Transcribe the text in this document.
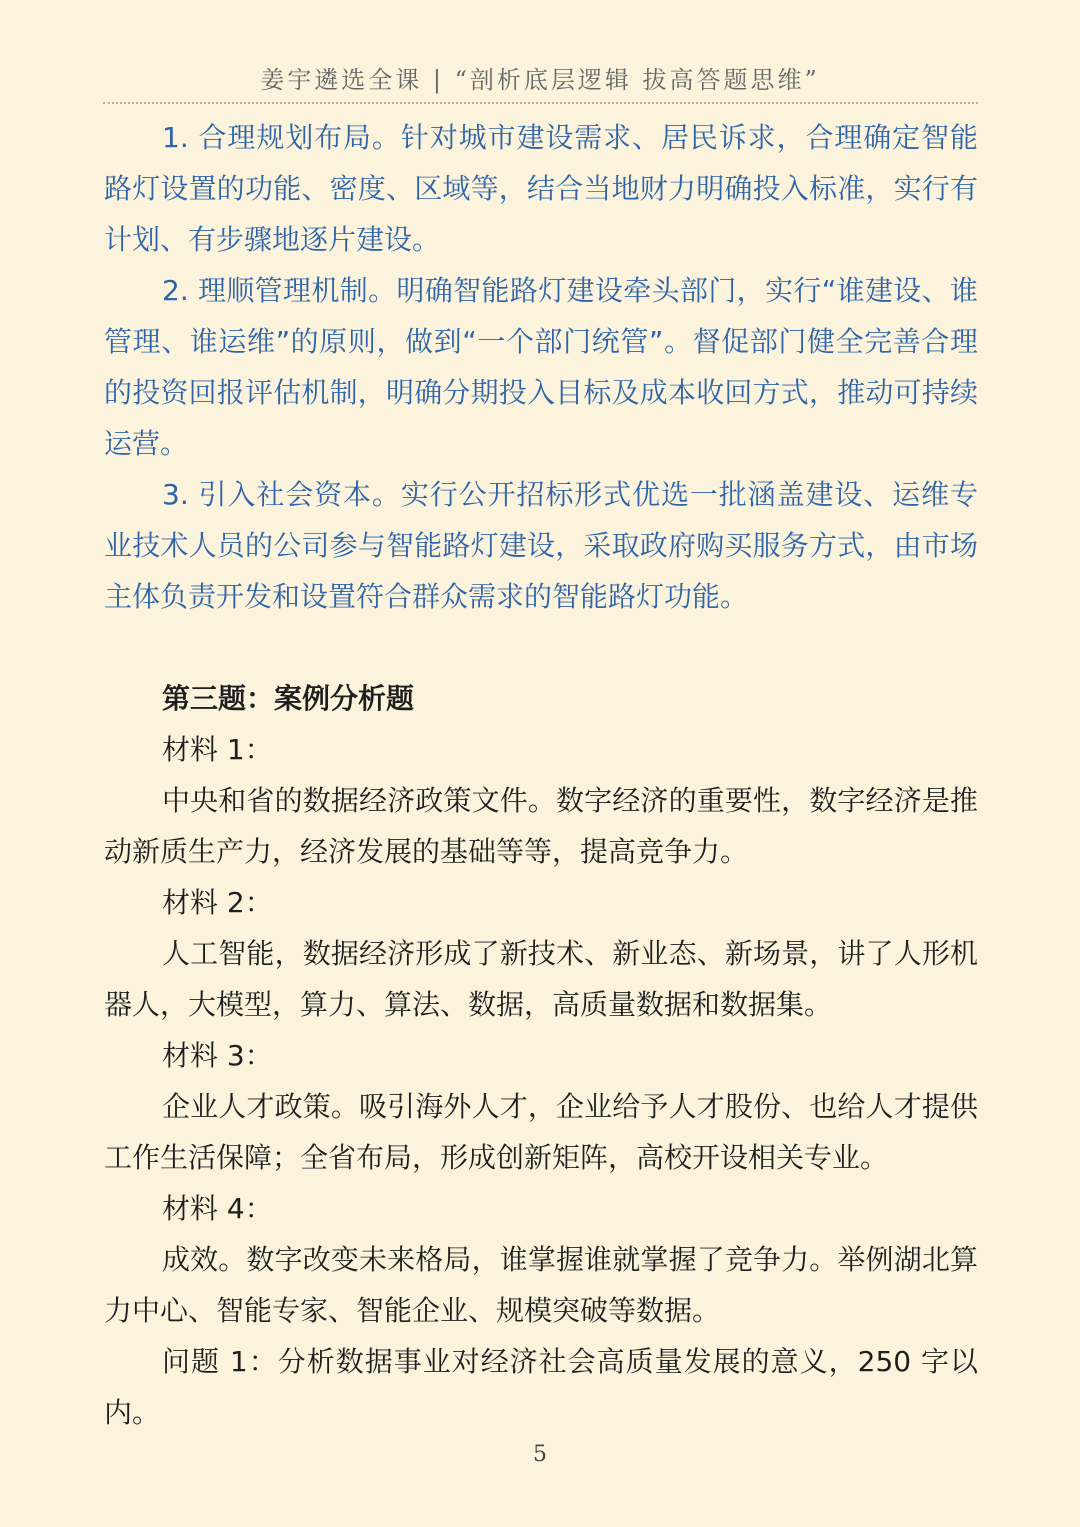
姜宇遴选全课 | “剖析底层逻辑 拔高答题思维”

1. 合理规划布局。针对城市建设需求、居民诉求，合理确定智能路灯设置的功能、密度、区域等，结合当地财力明确投入标准，实行有计划、有步骤地逐片建设。

2. 理顺管理机制。明确智能路灯建设牵头部门，实行“谁建设、谁管理、谁运维”的原则，做到“一个部门统管”。督促部门健全完善合理的投资回报评估机制，明确分期投入目标及成本收回方式，推动可持续运营。

3. 引入社会资本。实行公开招标形式优选一批涵盖建设、运维专业技术人员的公司参与智能路灯建设，采取政府购买服务方式，由市场主体负责开发和设置符合群众需求的智能路灯功能。

第三题：案例分析题

材料 1：

中央和省的数据经济政策文件。数字经济的重要性，数字经济是推动新质生产力，经济发展的基础等等，提高竞争力。

材料 2：

人工智能，数据经济形成了新技术、新业态、新场景，讲了人形机器人，大模型，算力、算法、数据，高质量数据和数据集。

材料 3：

企业人才政策。吸引海外人才，企业给予人才股份、也给人才提供工作生活保障；全省布局，形成创新矩阵，高校开设相关专业。

材料 4：

成效。数字改变未来格局，谁掌握谁就掌握了竞争力。举例湖北算力中心、智能专家、智能企业、规模突破等数据。

问题 1：分析数据事业对经济社会高质量发展的意义，250 字以内。

5
